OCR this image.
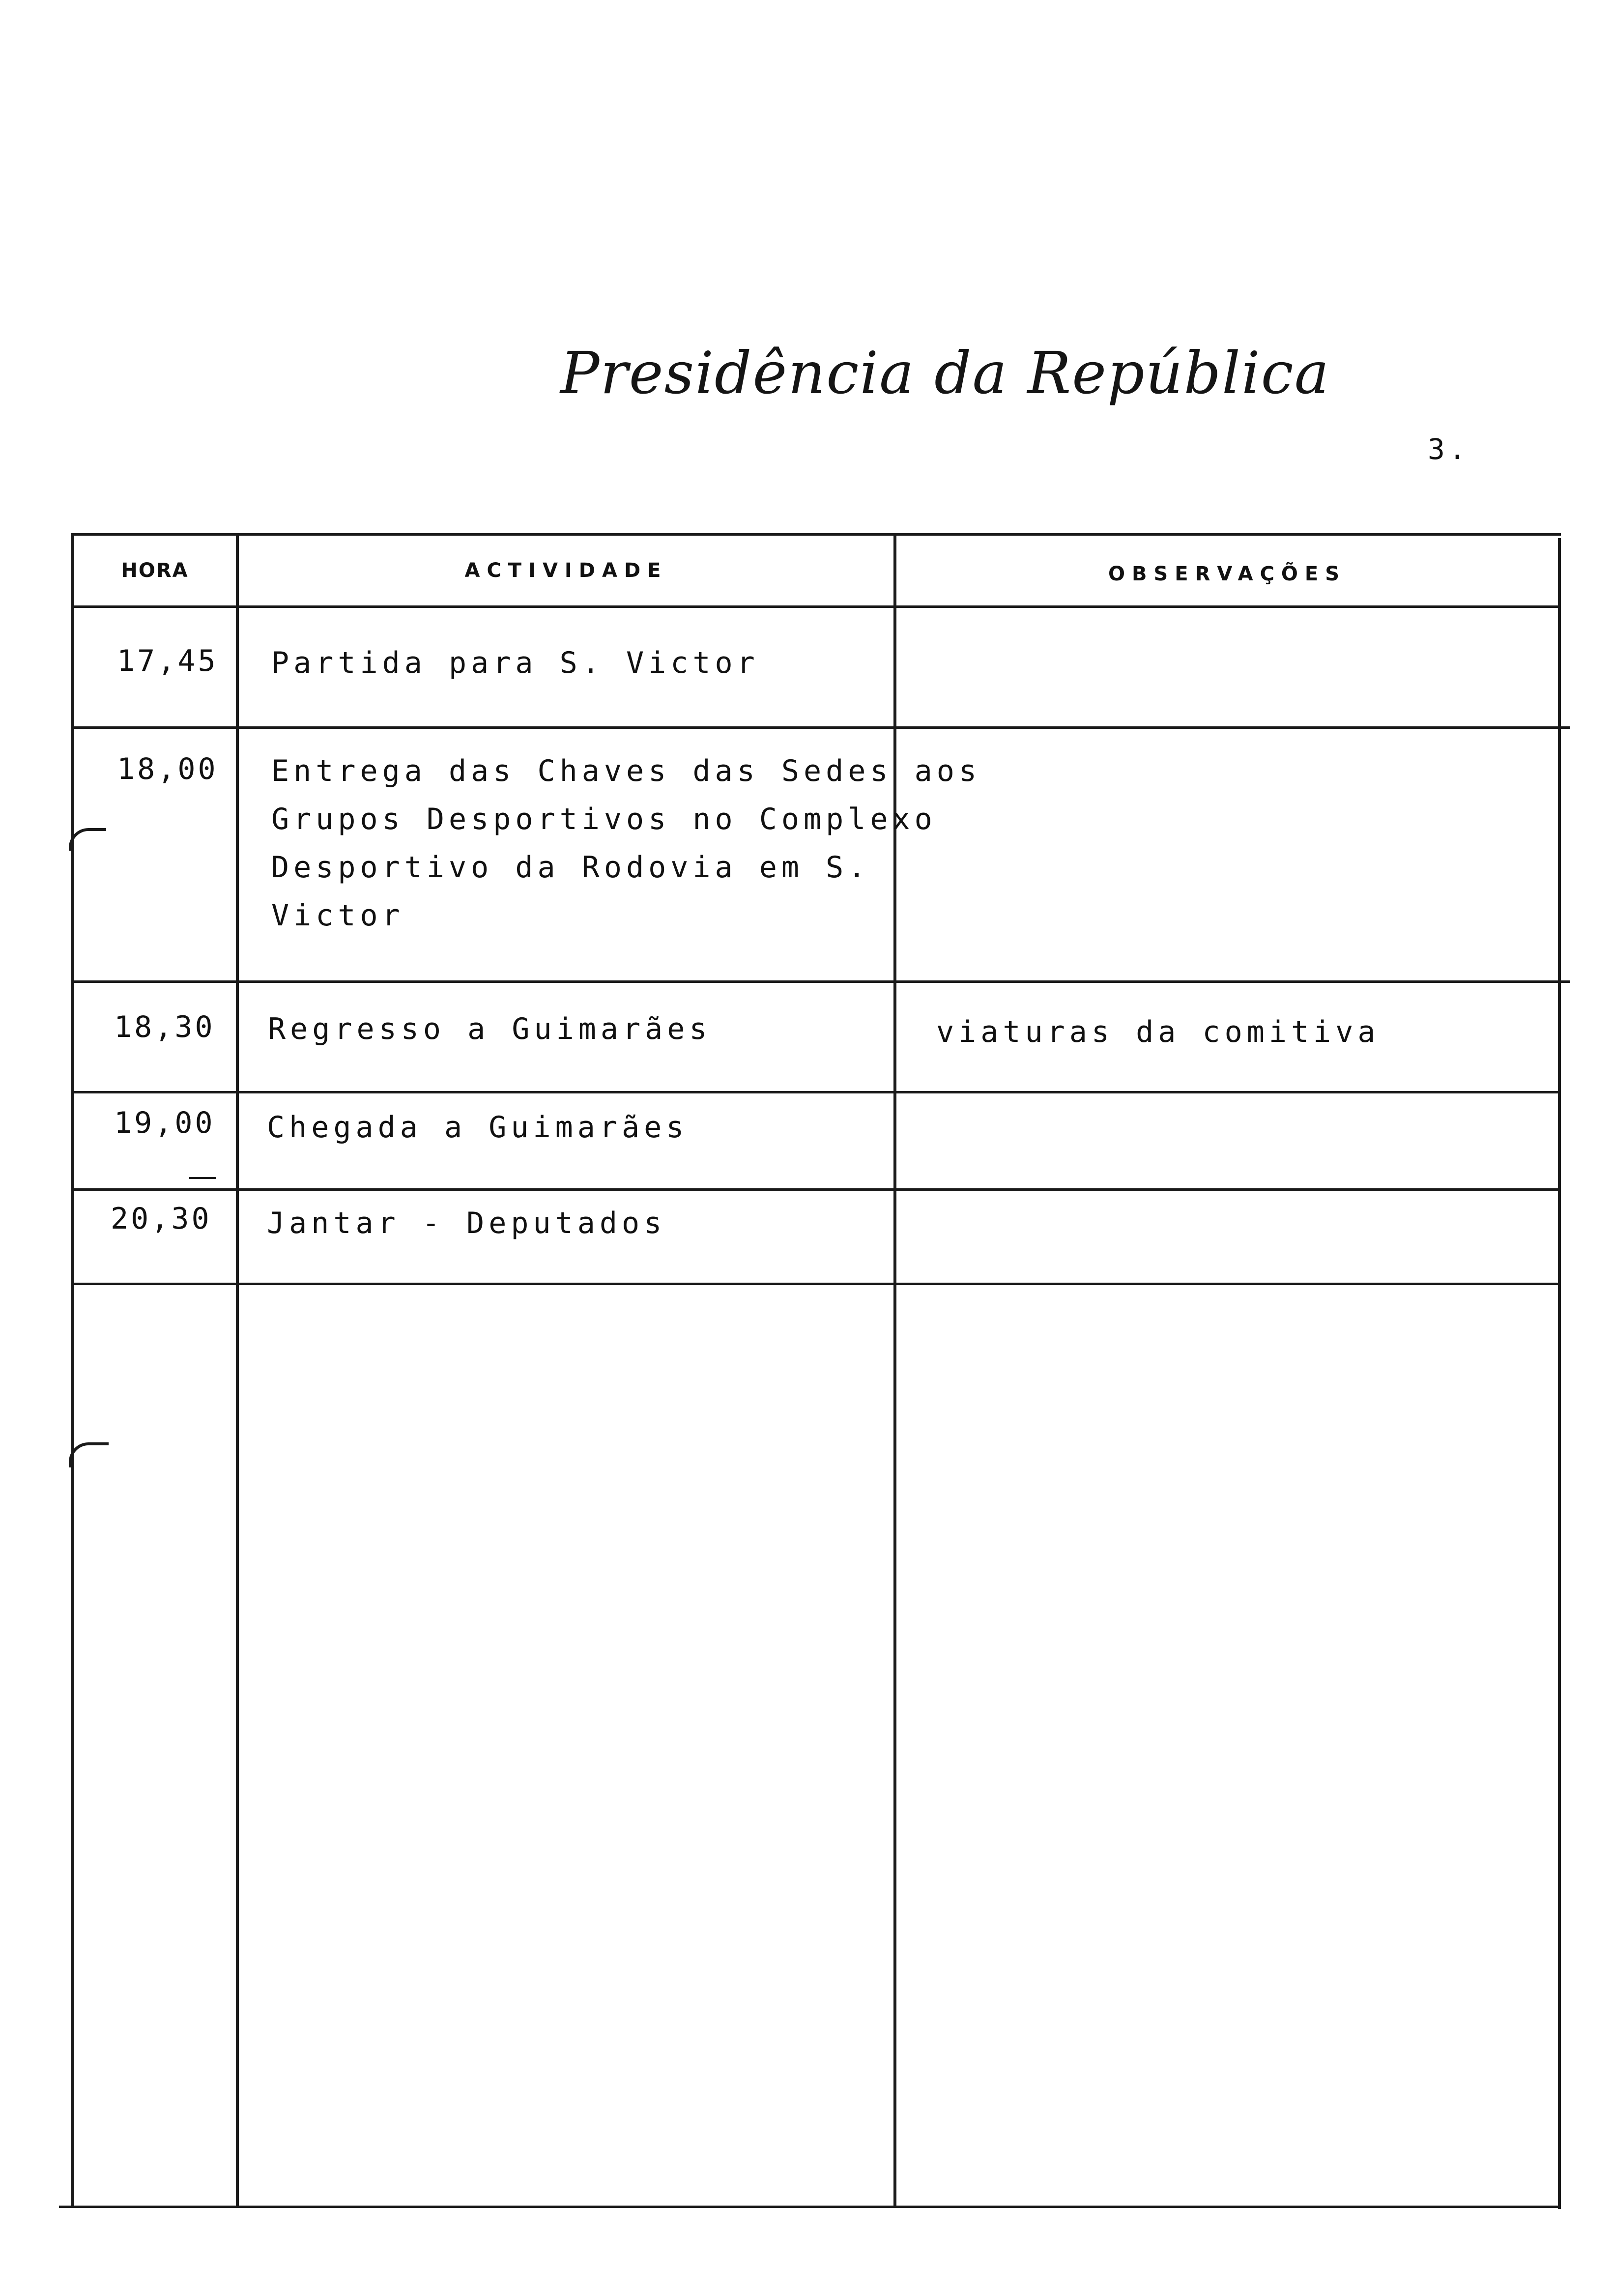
Presidência da República
3.
HORA	ACTIVIDADE	OBSERVAÇÕES
17,45 Partida para S. Victor
18,00 Entrega das Chaves das Sedes aos
Grupos Desportivos no Complexo
Desportivo da Rodovia em S.
Victor
18,30 Regresso a Guimarães	viaturas da comitiva
19,00 Chegada a Guimarães
20,30 Jantar - Deputados
